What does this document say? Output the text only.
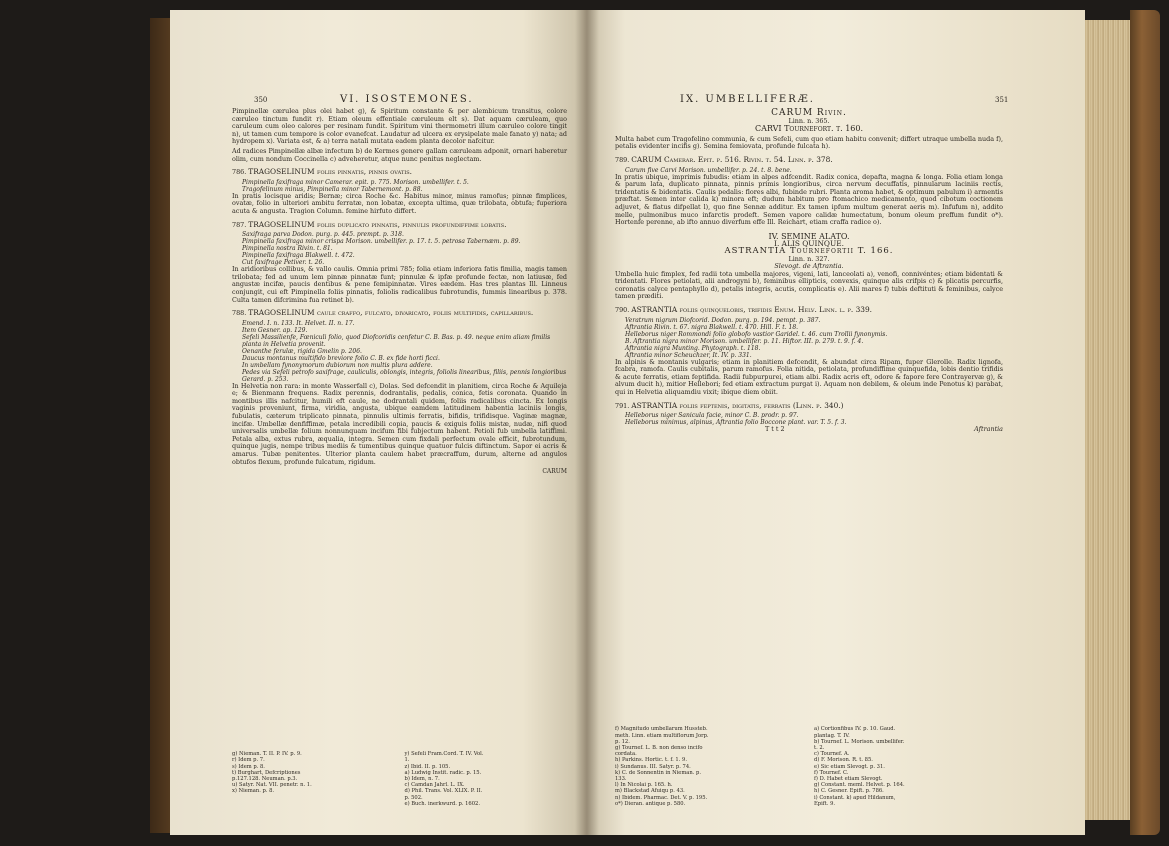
350	VI. ISOSTEMONES.

Pimpinellæ cærulea plus olei habet g), & Spiritum constante & per alembicum transitus, colore cæruleo tinctum fundit r). Etiam oleum effentiale cæruleum elt s). Dat aquam cæruleam, quo caruleum cum oleo calores per resinam fundit. Spiritum vini thermometri illum cæruleo colore tingit n), ut tamen cum tempore is color evanefcat. Laudatur ad ulcera ex erysipelate male fanato y) nata; ad hydropem x). Variata est, & a) terra natali mutata eadem planta decolor nafcitur.

Ad radices Pimpinellæ albæ infectum b) de Kermes genere gallam cæruleam adponit, ornari haberetur olim, cum nondum Coccinella c) adveheretur, atque nunc penitus neglectam.

786. TRAGOSELINUM foliis pinnatis, pinnis ovatis.

Pimpinella faxifraga minor Camerar. epit. p. 775. Morison. umbellifer. t. 5.
Tragofelinum minus, Pimpinella minor Tabernemont. p. 88.

In pratis locisque aridis; Bernæ; circa Roche &c. Habitus minor, minus ramofus; pinnæ fimplices, ovatæ, folio in ulteriori ambitu ferratæ, non lobatæ, excepta ultima, quæ trilobata, obtufa; fuperiora acuta & angusta. Tragion Column. femine hirfuto differt.

787. TRAGOSELINUM foliis duplicato pinnatis, pinnulis profundiffime lobatis.

Saxifraga parva Dodon. purg. p. 445. prempt. p. 318.
Pimpinella faxifraga minor crispa Morison. umbellifer. p. 17. t. 5. petrosa Tabernæm. p. 89.
Pimpinella nostra Rivin. t. 81.
Pimpinella faxifraga Blakwell. t. 472.
Cut faxifrage Petiver. t. 26.

In aridioribus collibus, & vallo caulis. Omnia primi 785; folia etiam inferiora fatis fimilia, magis tamen trilobata; fed ad unum lem pinnæ pinnatæ funt; pinnulæ & ipfæ profunde fectæ, non latiusæ, fed angustæ incifæ, paucis dentibus & pene femipinnatæ. Vires eædem. Has tres plantas Ill. Linneus conjungit, cui eft Pimpinella foliis pinnatis, foliolis radicalibus fubrotundis, fummis linearibus p. 378. Culta tamen difcrimina fua retinet b).

788. TRAGOSELINUM caule craffo, fulcato, divaricato, foliis multifidis, capillaribus.

Emend. I. n. 133. It. Helvet. II. n. 17.
Item Gesner. ap. 129.
Sefeli Massilienfe, Fœniculi folio, quod Diofcoridis cenfetur C. B. Bas. p. 49. neque enim aliam fimilis planta in Helvetia provenit.
Oenanthe ferulæ, rigida Gmelin p. 206.
Daucus montanus multifido breviore folio C. B. ex fide horti ficci.
In umbellam fynonymorum dubiorum non multis plura addere.
Pedes via Sefeli petrofo saxifrage, cauliculis, oblongis, integris, foliolis linearibus, filiis, pennis longioribus Gerard. p. 253.

In Helvetia non rara: in monte Wasserfall c), Dolas. Sed defcendit in planitiem, circa Roche & Aquileja e; & Bienmann frequens. Radix perennis, dodrantalis, pedalis, conica, fetis coronata. Quando in montibus illis nafcitur, humili eft caule, ne dodrantali quidem, foliis radicalibus cincta. Ex longis vaginis proveniunt, firma, viridia, angusta, ubique eamdem latitudinem habentia laciniis longis, fubulatis, cæterum triplicato pinnata, pinnulis ultimis ferratis, bifidis, trifidisque. Vaginæ magnæ, incifæ. Umbellæ denfiffimæ, petala incredibili copia, paucis & exiguis foliis mistæ, nudæ, nifi quod universalis umbellæ folium nonnunquam incifum fibi fubjectum habent. Petioli fub umbella latiffimi. Petala alba, extus rubra, æqualia, integra. Semen cum fixdali perfectum ovale efficit, fubrotundum, quinque jugis, nempe tribus mediis & tumentibus quinque quatuor fulcis diftinctum. Sapor ei acris & amarus. Tubæ penitentes. Ulterior planta caulem habet præcraffum, durum, alterne ad angulos obtufos flexum, profunde fulcatum, rigidum.

CARUM
g) Nieman. T. II. P. IV. p. 9.
r) Idem p. 7.
s) Idem p. 8.
t) Burghart, Defcriptiones p.127.128. Neuman. p.3.
u) Satyr. Nat. VII. penetr. n. 1.
x) Nieman. p. 8.
y) Sefeli Fram.Cord. T. IV. Vol. 1.
z) Ibid. II. p. 105.
a) Ludwig Instit. radic. p. 15.
b) Idem, n. 7.
c) Camdan Jahrl. L. IX.
d) Phil. Trans. Vol. XLIX. P. II. p. 502.
e) Buch. inerkwurd. p. 1602.
IX. UMBELLIFERÆ.	351
CARUM Rivin.
Linn. n. 365.
CARVI Tournefort. t. 160.

Multa habet cum Tragofelino communia, & cum Sefeli, cum quo etiam habitu convenit; differt utraque umbella nuda f), petalis evidenter incifis g). Semina femiovata, profunde fulcata h).

789. CARUM Camerar. Epit. p. 516. Rivin. t. 54. Linn. p. 378.

Carum five Carvi Morison. umbellifer. p. 24. t. 8. bene.

In pratis ubique, imprimis fubudis: etiam in alpes adfcendit. Radix conica, depafta, magna & longa. Folia etiam longa & parum lata, duplicato pinnata, pinnis primis longioribus, circa nervum decuffatis, pinnularum laciniis rectis, tridentatis & bidentatis. Caulis pedalis: flores albi, fubinde rubri. Planta aroma habet, & optimum pabulum i) armentis præftat. Semen inter calida k) minora eft; dudum habitum pro ftomachico medicamento, quod cibotum coctionem adjuvet, & flatus difpellat l), quo fine Sennæ additur. Ex tamen ipfum multum generat aeris m). Infufum n), addito melle, pulmonibus muco infarctis prodeft. Semen vapore calidæ humectatum, bonum oleum preffum fundit o*). Hortenfe perenne, ab ifto annuo diverfum effe Ill. Reichart, etiam craffa radice o).

IV. SEMINE ALATO.
I. ALIS QUINQUE.
ASTRANTIA Tournefortii T. 166.
Linn. n. 327.
Slevogt. de Aftrantia.

Umbella huic fimplex, fed radii tota umbella majores, vigeni, lati, lanceolati a), venofi, connivéntes; etiam bidentati & tridentati. Flores petiolati, alii androgyni b), feminibus ellipticis, convexis, quinque alis crifpis c) & plicatis percurfis, coronatis calyce pentaphyllo d), petalis integris, acutis, complicatis e). Alii mares f) tubis deftituti & feminibus, calyce tamen præditi.

790. ASTRANTIA foliis quinquelobis, trifidis Enum. Helv. Linn. l. p. 339.

Veratrum nigrum Diofcorid. Dodon. purg. p. 194. pempt. p. 387.
Aftrantia Rivin. t. 67. nigra Blakwell. t. 470. Hill. F. t. 18.
Helleborus niger Rommondi folio globofo vastior Garidel. t. 46. cum Trollii fynonymis.
B. Aftrantia nigra minor Morison. umbellifer. p. 11. Hiftor. III. p. 279. t. 9. f. 4.
Aftrantia nigra Munting. Phytograph. t. 118.
Aftrantia minor Scheuchzer, It. IV. p. 331.

In alpinis & montanis vulgaris; etiam in planitiem defcendit, & abundat circa Ripam, fuper Glerolle. Radix lignofa, fcabra, ramofa. Caulis cubitalis, parum ramofus. Folia nitida, petiolata, profundiffime quinquefida, lobis dentio trifidis & acute ferratis, etiam feptifida. Radii fubpurpurei, etiam albi. Radix acris eft, odore & fapore fere Contrayervæ g), & alvum ducit h), mitior Hellebori; fed etiam extractum purgat i). Aquam non debilem, & oleum inde Penotus k) parabat, qui in Helvetia aliquamdiu vixit; ibique diem obiit.

791. ASTRANTIA foliis feptenis, digitatis, ferratis (Linn. p. 340.)

Helleborus niger Sanicula facie, minor C. B. prodr. p. 97.
Helleborus minimus, alpinus, Aftrantia folio Boccone plant. var. T. 5. f. 3.
T t t 2	Aftrantia
f) Magnitudo umbellarum Hussteb. meth. Linn. etiam multiflorum Jorp. p. 12.
g) Tournef. L. B. non denso incifo cordata.
h) Parkins. Hortic. t. f. 1. 9.
i) Sundanus. III. Satyr. p. 74.
k) C. de Sonnentin in Nieman. p. 133.
l) In Nicolai p. 165. h.
m) Blackstad Afuiqu p. 43.
n) Ibidem. Pharmac. Det. V. p. 195.
o*) Dieran. antique p. 580.
a) Cortionfibus IV. p. 10. Gaud. plantag. T. IV.
b) Tournef. L. Morison. umbellifer. t. 2.
c) Tournef. A.
d) F. Morison. R. t. 85.
e) Sic etiam Slevogt. p. 31.
f) Tournef. C.
f) D. Habet etiam Slevogt.
g) Constant. meml. Helvet. p. 164.
h) C. Gesner. Epift. p. 786.
i) Constant. k) apud Hildanum, Epift. 9.
